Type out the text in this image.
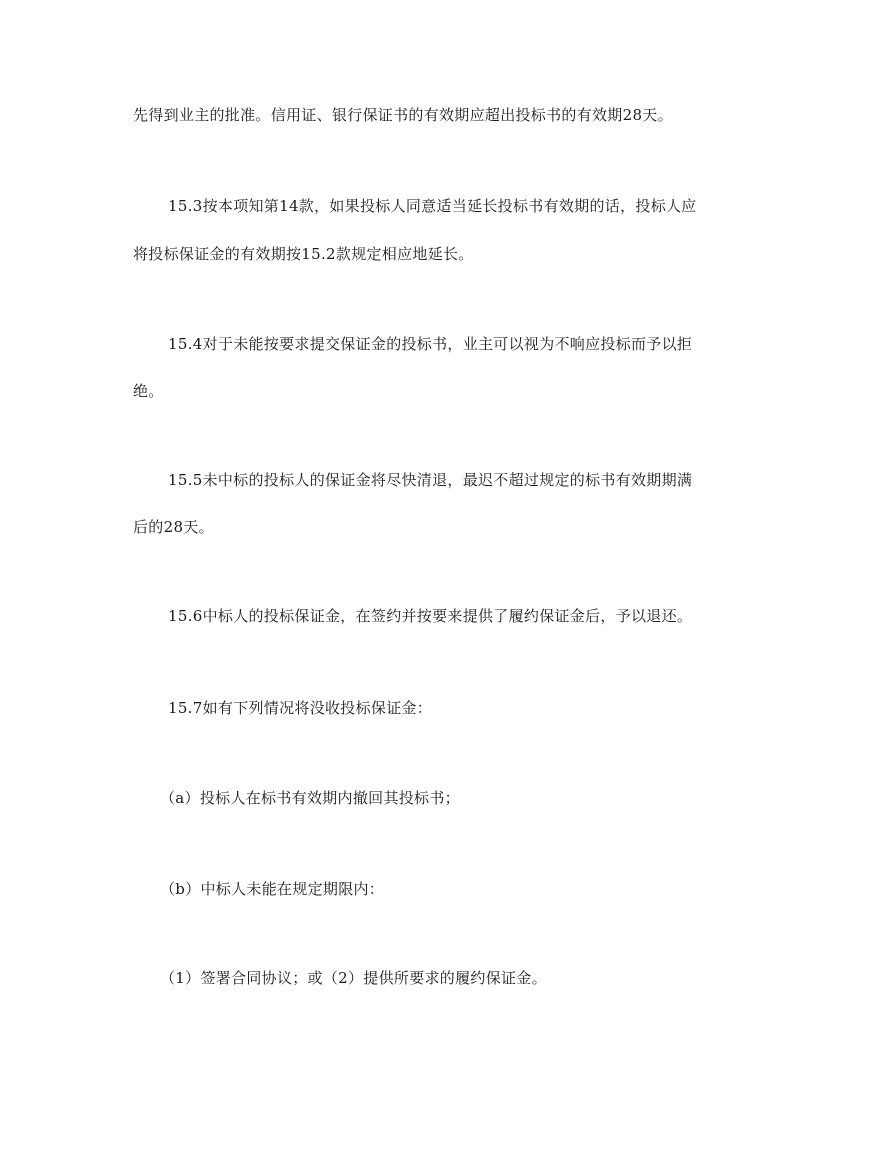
先得到业主的批准。信用证、银行保证书的有效期应超出投标书的有效期28天。
15.3按本项知第14款，如果投标人同意适当延长投标书有效期的话，投标人应
将投标保证金的有效期按15.2款规定相应地延长。
15.4对于未能按要求提交保证金的投标书，业主可以视为不响应投标而予以拒
绝。
15.5未中标的投标人的保证金将尽快清退，最迟不超过规定的标书有效期期满
后的28天。
15.6中标人的投标保证金，在签约并按要来提供了履约保证金后，予以退还。
15.7如有下列情况将没收投标保证金：
（a）投标人在标书有效期内撤回其投标书；
（b）中标人未能在规定期限内：
（1）签署合同协议；或（2）提供所要求的履约保证金。
